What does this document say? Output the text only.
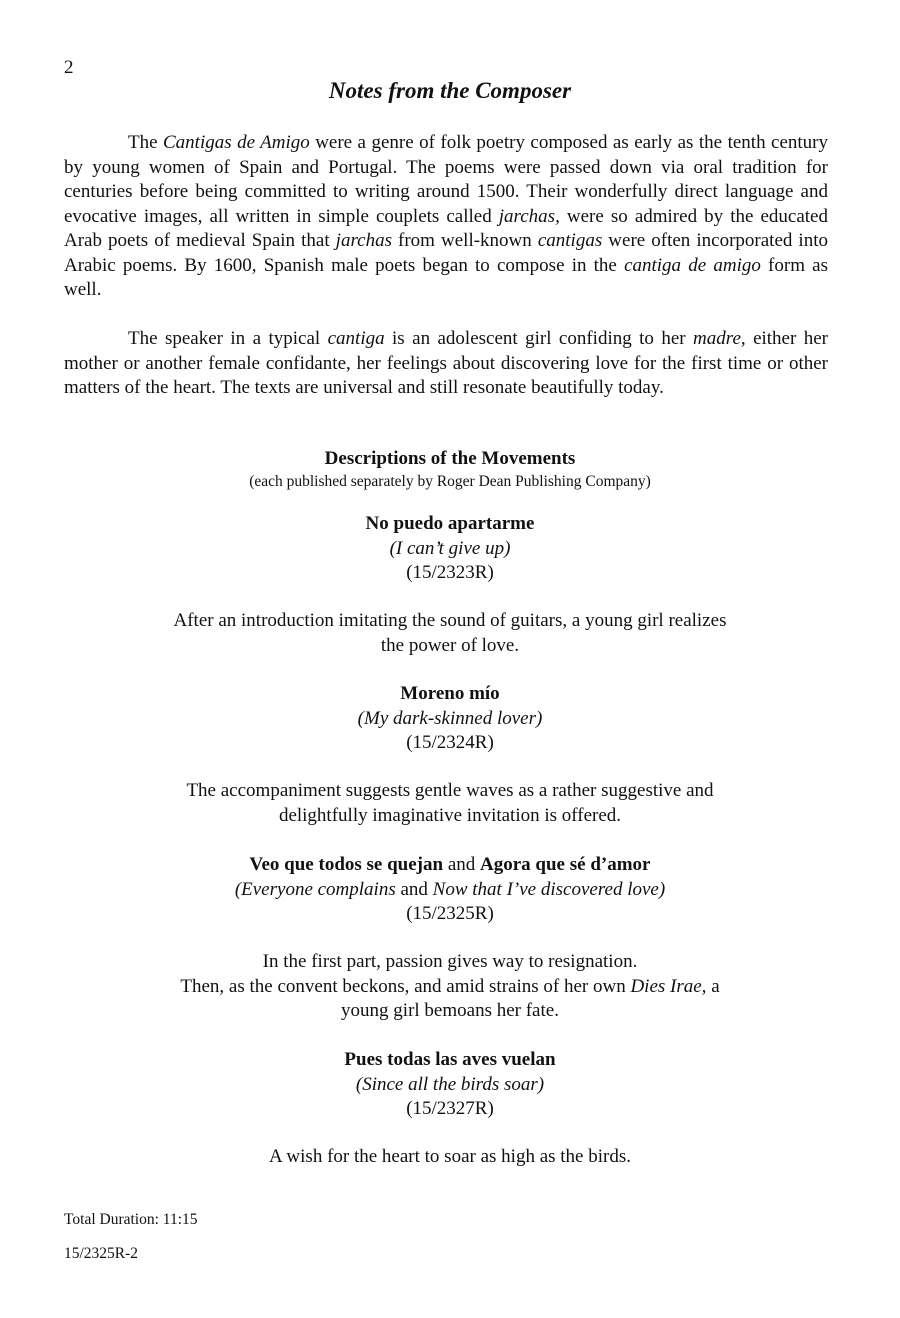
2
Notes from the Composer

The Cantigas de Amigo were a genre of folk poetry composed as early as the tenth century by young women of Spain and Portugal. The poems were passed down via oral tradition for centuries before being committed to writing around 1500. Their wonderfully direct language and evocative images, all written in simple couplets called jarchas, were so admired by the educated Arab poets of medieval Spain that jarchas from well-known cantigas were often incorporated into Arabic poems. By 1600, Spanish male poets began to compose in the cantiga de amigo form as well.

The speaker in a typical cantiga is an adolescent girl confiding to her madre, either her mother or another female confidante, her feelings about discovering love for the first time or other matters of the heart. The texts are universal and still resonate beautifully today.

Descriptions of the Movements
(each published separately by Roger Dean Publishing Company)
No puedo apartarme
(I can’t give up)
(15/2323R)
After an introduction imitating the sound of guitars, a young girl realizes
the power of love.
Moreno mío
(My dark-skinned lover)
(15/2324R)
The accompaniment suggests gentle waves as a rather suggestive and
delightfully imaginative invitation is offered.
Veo que todos se quejan and Agora que sé d’amor
(Everyone complains and Now that I’ve discovered love)
(15/2325R)
In the first part, passion gives way to resignation.
Then, as the convent beckons, and amid strains of her own Dies Irae, a
young girl bemoans her fate.
Pues todas las aves vuelan
(Since all the birds soar)
(15/2327R)
A wish for the heart to soar as high as the birds.
Total Duration: 11:15
15/2325R-2
